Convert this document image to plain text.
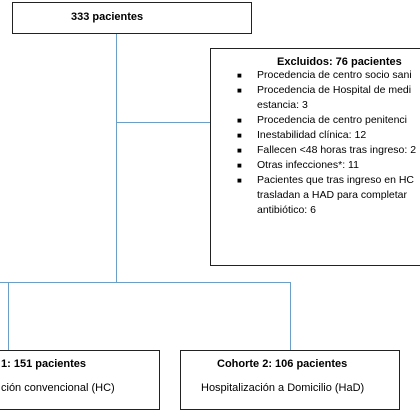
333 pacientes
Excluidos: 76 pacientes
■ Procedencia de centro socio sani
■ Procedencia de Hospital de medi
estancia: 3
■ Procedencia de centro penitenci
■ Inestabilidad clínica: 12
■ Fallecen <48 horas tras ingreso: 2
■ Otras infecciones*: 11
■ Pacientes que tras ingreso en HC
trasladan a HAD para completar
antibiótico: 6
1: 151 pacientes
ción convencional (HC)
Cohorte 2: 106 pacientes
Hospitalización a Domicilio (HaD)
